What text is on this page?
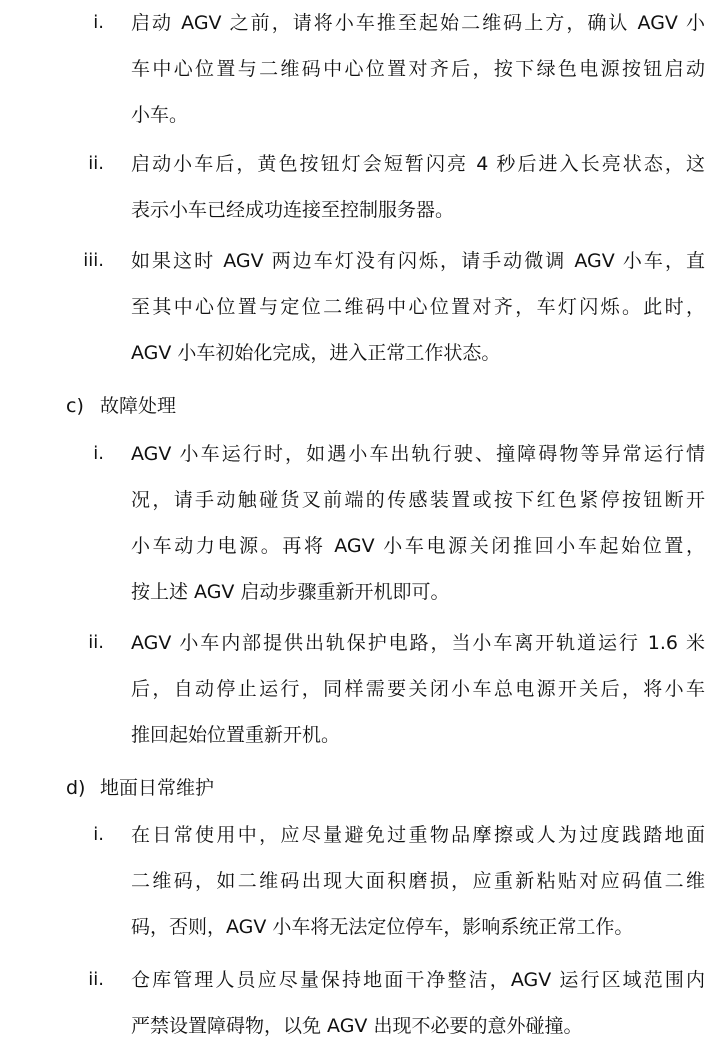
i. 启动 AGV 之前，请将小车推至起始二维码上方，确认 AGV 小
车中心位置与二维码中心位置对齐后，按下绿色电源按钮启动
小车。
ii. 启动小车后，黄色按钮灯会短暂闪亮 4 秒后进入长亮状态，这
表示小车已经成功连接至控制服务器。
iii. 如果这时 AGV 两边车灯没有闪烁，请手动微调 AGV 小车，直
至其中心位置与定位二维码中心位置对齐，车灯闪烁。此时，
AGV 小车初始化完成，进入正常工作状态。
c) 故障处理
i. AGV 小车运行时，如遇小车出轨行驶、撞障碍物等异常运行情
况，请手动触碰货叉前端的传感装置或按下红色紧停按钮断开
小车动力电源。再将 AGV 小车电源关闭推回小车起始位置，
按上述 AGV 启动步骤重新开机即可。
ii. AGV 小车内部提供出轨保护电路，当小车离开轨道运行 1.6 米
后，自动停止运行，同样需要关闭小车总电源开关后，将小车
推回起始位置重新开机。
d) 地面日常维护
i. 在日常使用中，应尽量避免过重物品摩擦或人为过度践踏地面
二维码，如二维码出现大面积磨损，应重新粘贴对应码值二维
码，否则，AGV 小车将无法定位停车，影响系统正常工作。
ii. 仓库管理人员应尽量保持地面干净整洁，AGV 运行区域范围内
严禁设置障碍物，以免 AGV 出现不必要的意外碰撞。
